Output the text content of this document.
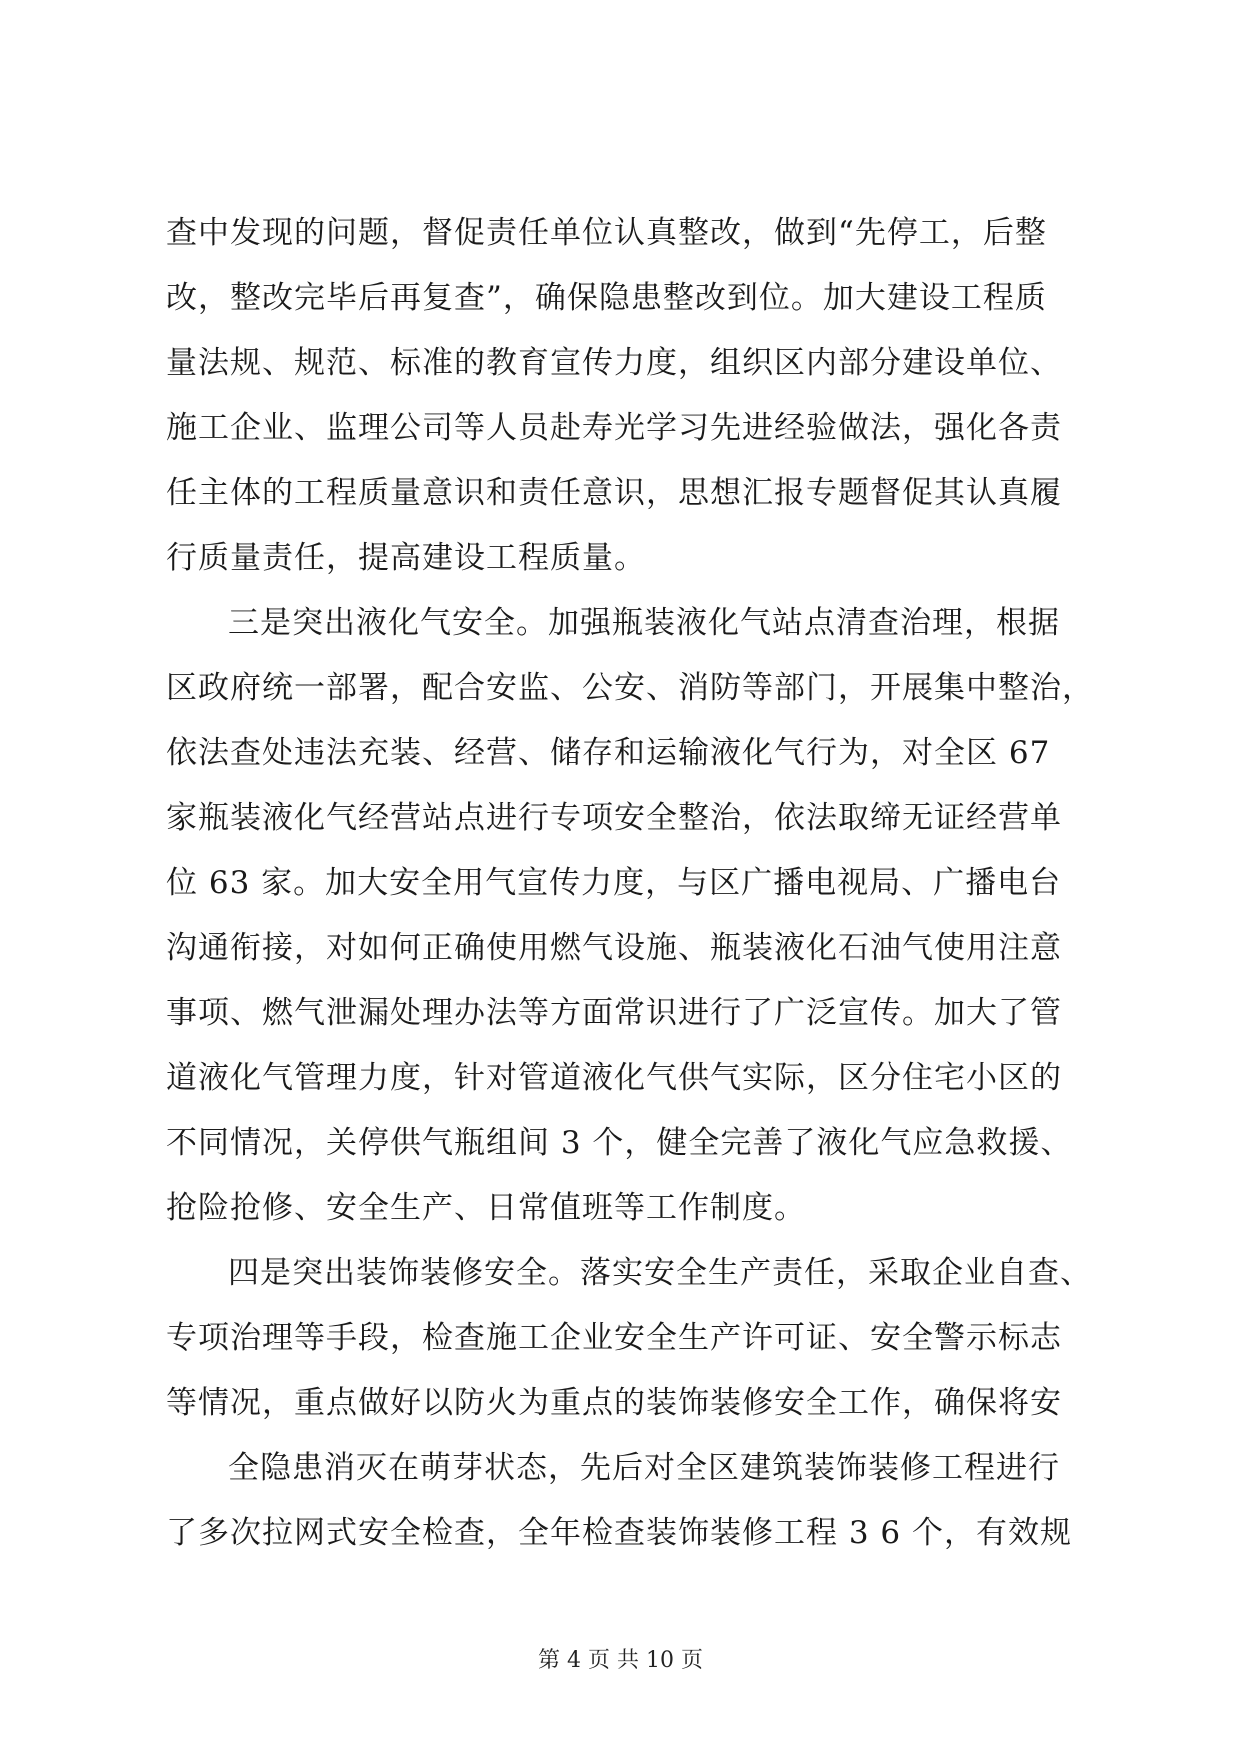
查中发现的问题，督促责任单位认真整改，做到“先停工，后整
改，整改完毕后再复查”，确保隐患整改到位。加大建设工程质
量法规、规范、标准的教育宣传力度，组织区内部分建设单位、
施工企业、监理公司等人员赴寿光学习先进经验做法，强化各责
任主体的工程质量意识和责任意识，思想汇报专题督促其认真履
行质量责任，提高建设工程质量。
三是突出液化气安全。加强瓶装液化气站点清查治理，根据
区政府统一部署，配合安监、公安、消防等部门，开展集中整治，
依法查处违法充装、经营、储存和运输液化气行为，对全区 67
家瓶装液化气经营站点进行专项安全整治，依法取缔无证经营单
位 63 家。加大安全用气宣传力度，与区广播电视局、广播电台
沟通衔接，对如何正确使用燃气设施、瓶装液化石油气使用注意
事项、燃气泄漏处理办法等方面常识进行了广泛宣传。加大了管
道液化气管理力度，针对管道液化气供气实际，区分住宅小区的
不同情况，关停供气瓶组间 3 个，健全完善了液化气应急救援、
抢险抢修、安全生产、日常值班等工作制度。
四是突出装饰装修安全。落实安全生产责任，采取企业自查、
专项治理等手段，检查施工企业安全生产许可证、安全警示标志
等情况，重点做好以防火为重点的装饰装修安全工作，确保将安
全隐患消灭在萌芽状态，先后对全区建筑装饰装修工程进行
了多次拉网式安全检查，全年检查装饰装修工程 3 6 个，有效规
第 4 页 共 10 页
